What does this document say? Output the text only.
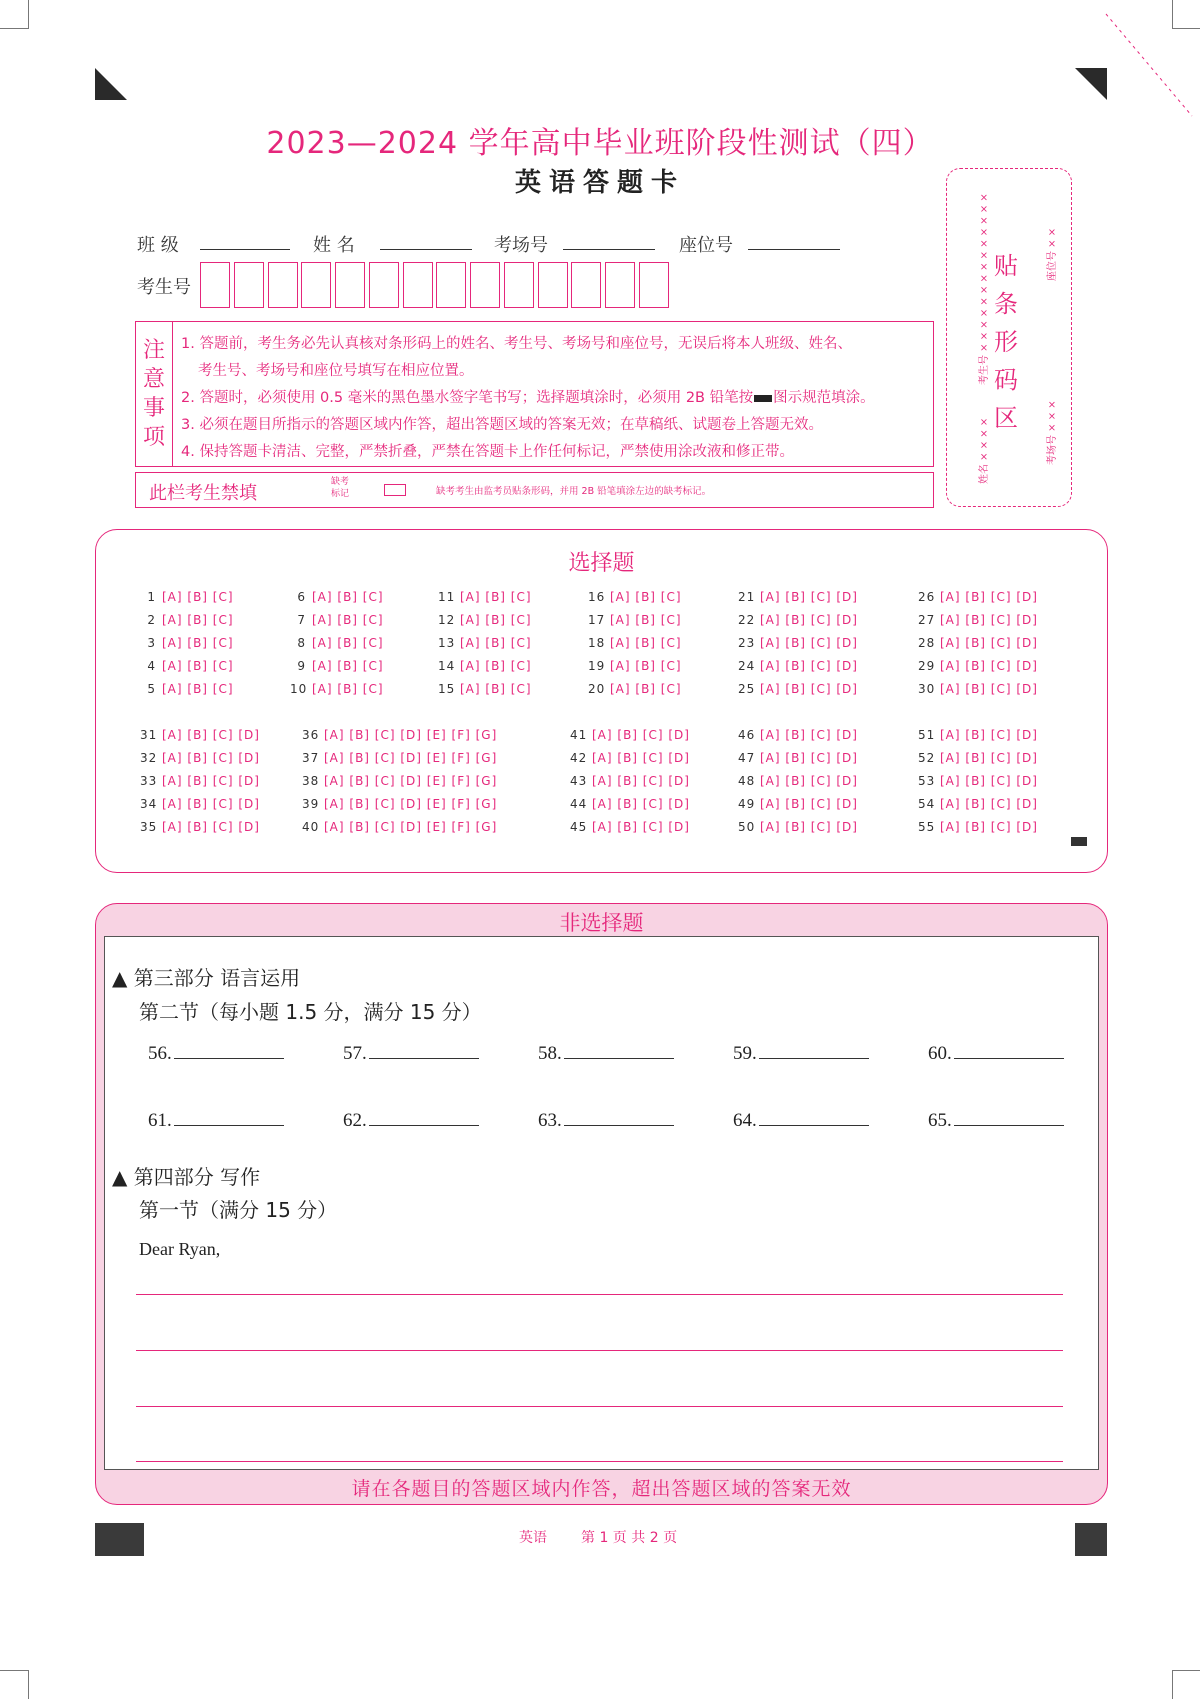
2023—2024 学年高中毕业班阶段性测试（四）
英语答题卡
班 级	姓 名	考场号	座位号
考生号
注
意
事
项
1. 答题前，考生务必先认真核对条形码上的姓名、考生号、考场号和座位号，无误后将本人班级、姓名、
考生号、考场号和座位号填写在相应位置。
2. 答题时，必须使用 0.5 毫米的黑色墨水签字笔书写；选择题填涂时，必须用 2B 铅笔按 图示规范填涂。
3. 必须在题目所指示的答题区域内作答，超出答题区域的答案无效；在草稿纸、试题卷上答题无效。
4. 保持答题卡清洁、完整，严禁折叠，严禁在答题卡上作任何标记，严禁使用涂改液和修正带。
此栏考生禁填
缺考
标记	缺考考生由监考员贴条形码，并用 2B 铅笔填涂左边的缺考标记。
贴
条
形
码
区
考生号 × × × × × × × × × × × × × ×
姓名 × × × ×
座位号 × ×
考场号 × × ×
选择题
1 [A] [B] [C]
2 [A] [B] [C]
3 [A] [B] [C]
4 [A] [B] [C]
5 [A] [B] [C]
6 [A] [B] [C]
7 [A] [B] [C]
8 [A] [B] [C]
9 [A] [B] [C]
10 [A] [B] [C]
11 [A] [B] [C]
12 [A] [B] [C]
13 [A] [B] [C]
14 [A] [B] [C]
15 [A] [B] [C]
16 [A] [B] [C]
17 [A] [B] [C]
18 [A] [B] [C]
19 [A] [B] [C]
20 [A] [B] [C]
21 [A] [B] [C] [D]
22 [A] [B] [C] [D]
23 [A] [B] [C] [D]
24 [A] [B] [C] [D]
25 [A] [B] [C] [D]
26 [A] [B] [C] [D]
27 [A] [B] [C] [D]
28 [A] [B] [C] [D]
29 [A] [B] [C] [D]
30 [A] [B] [C] [D]
31 [A] [B] [C] [D]
32 [A] [B] [C] [D]
33 [A] [B] [C] [D]
34 [A] [B] [C] [D]
35 [A] [B] [C] [D]
36 [A] [B] [C] [D] [E] [F] [G]
37 [A] [B] [C] [D] [E] [F] [G]
38 [A] [B] [C] [D] [E] [F] [G]
39 [A] [B] [C] [D] [E] [F] [G]
40 [A] [B] [C] [D] [E] [F] [G]
41 [A] [B] [C] [D]
42 [A] [B] [C] [D]
43 [A] [B] [C] [D]
44 [A] [B] [C] [D]
45 [A] [B] [C] [D]
46 [A] [B] [C] [D]
47 [A] [B] [C] [D]
48 [A] [B] [C] [D]
49 [A] [B] [C] [D]
50 [A] [B] [C] [D]
51 [A] [B] [C] [D]
52 [A] [B] [C] [D]
53 [A] [B] [C] [D]
54 [A] [B] [C] [D]
55 [A] [B] [C] [D]
非选择题
请在各题目的答题区域内作答，超出答题区域的答案无效
▲ 第三部分 语言运用
第二节（每小题 1.5 分，满分 15 分）
56.	57.	58.	59.	60.
61.	62.	63.	64.	65.
▲ 第四部分 写作
第一节（满分 15 分）
Dear Ryan,
英语 第 1 页 共 2 页
